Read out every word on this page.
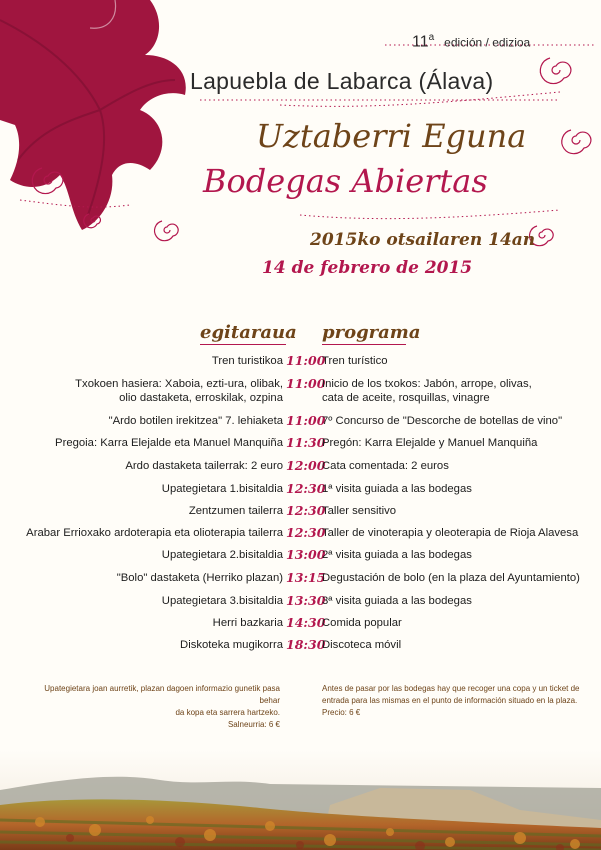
11$^a$ edición / edizioa
Lapuebla de Labarca (Álava)
Uztaberri Eguna
Bodegas Abiertas
2015ko otsailaren 14an
14 de febrero de 2015
egitaraua programa
Tren turistikoa 11:00
Tren turístico
Txokoen hasiera: Xaboia, ezti-ura, olibak,
olio dastaketa, erroskilak, ozpina
11:00
Inicio de los txokos: Jabón, arrope, olivas,
cata de aceite, rosquillas, vinagre
"Ardo botilen irekitzea" 7. lehiaketa 11:00
7º Concurso de "Descorche de botellas de vino"
Pregoia: Karra Elejalde eta Manuel Manquiña 11:30
Pregón: Karra Elejalde y Manuel Manquiña
Ardo dastaketa tailerrak: 2 euro 12:00
Cata comentada: 2 euros
Upategietara 1.bisitaldia 12:30
1ª visita guiada a las bodegas
Zentzumen tailerra 12:30
Taller sensitivo
Arabar Errioxako ardoterapia eta olioterapia tailerra 12:30
Taller de vinoterapia y oleoterapia de Rioja Alavesa
Upategietara 2.bisitaldia 13:00
2ª visita guiada a las bodegas
"Bolo" dastaketa (Herriko plazan) 13:15
Degustación de bolo (en la plaza del Ayuntamiento)
Upategietara 3.bisitaldia 13:30
3ª visita guiada a las bodegas
Herri bazkaria 14:30
Comida popular
Diskoteka mugikorra 18:30
Discoteca móvil
Upategietara joan aurretik, plazan dagoen informazio gunetik pasa behar
da kopa eta sarrera hartzeko.
Salneurria: 6 €
Antes de pasar por las bodegas hay que recoger una copa y un ticket de
entrada para las mismas en el punto de información situado en la plaza.
Precio: 6 €
